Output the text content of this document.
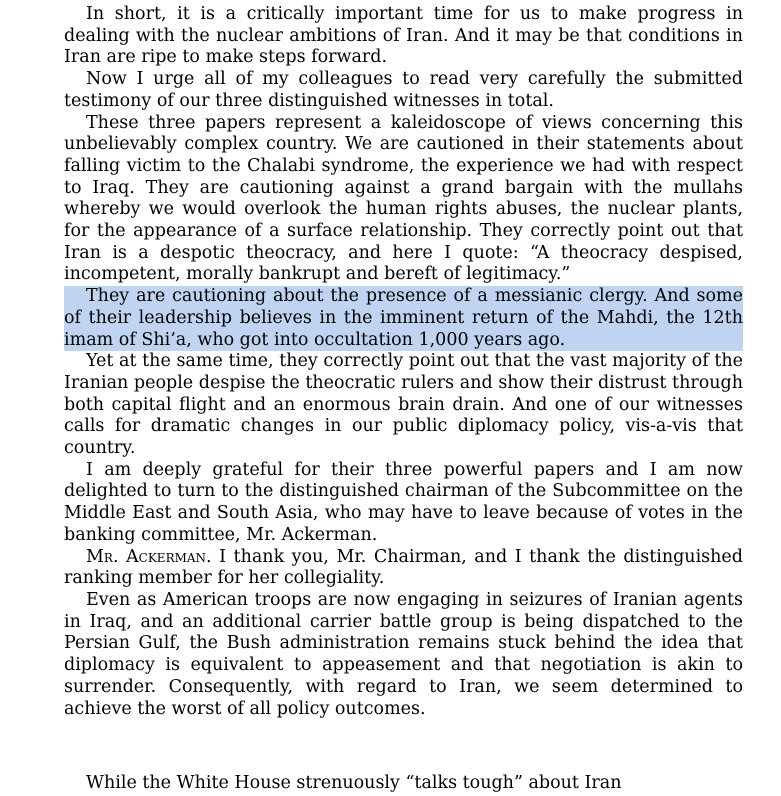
In short, it is a critically important time for us to make progress in dealing with the nuclear ambitions of Iran. And it may be that conditions in Iran are ripe to make steps forward.

Now I urge all of my colleagues to read very carefully the submitted testimony of our three distinguished witnesses in total.

These three papers represent a kaleidoscope of views concerning this unbelievably complex country. We are cautioned in their statements about falling victim to the Chalabi syndrome, the experience we had with respect to Iraq. They are cautioning against a grand bargain with the mullahs whereby we would overlook the human rights abuses, the nuclear plants, for the appearance of a surface relationship. They correctly point out that Iran is a despotic theocracy, and here I quote: “A theocracy despised, incompetent, morally bankrupt and bereft of legitimacy.”

They are cautioning about the presence of a messianic clergy. And some of their leadership believes in the imminent return of the Mahdi, the 12th imam of Shi’a, who got into occultation 1,000 years ago.

Yet at the same time, they correctly point out that the vast majority of the Iranian people despise the theocratic rulers and show their distrust through both capital flight and an enormous brain drain. And one of our witnesses calls for dramatic changes in our public diplomacy policy, vis-a-vis that country.

I am deeply grateful for their three powerful papers and I am now delighted to turn to the distinguished chairman of the Subcommittee on the Middle East and South Asia, who may have to leave because of votes in the banking committee, Mr. Ackerman.

Mr. Ackerman. I thank you, Mr. Chairman, and I thank the distinguished ranking member for her collegiality.

Even as American troops are now engaging in seizures of Iranian agents in Iraq, and an additional carrier battle group is being dispatched to the Persian Gulf, the Bush administration remains stuck behind the idea that diplomacy is equivalent to appeasement and that negotiation is akin to surrender. Consequently, with regard to Iran, we seem determined to achieve the worst of all policy outcomes.

While the White House strenuously “talks tough” about Iran
